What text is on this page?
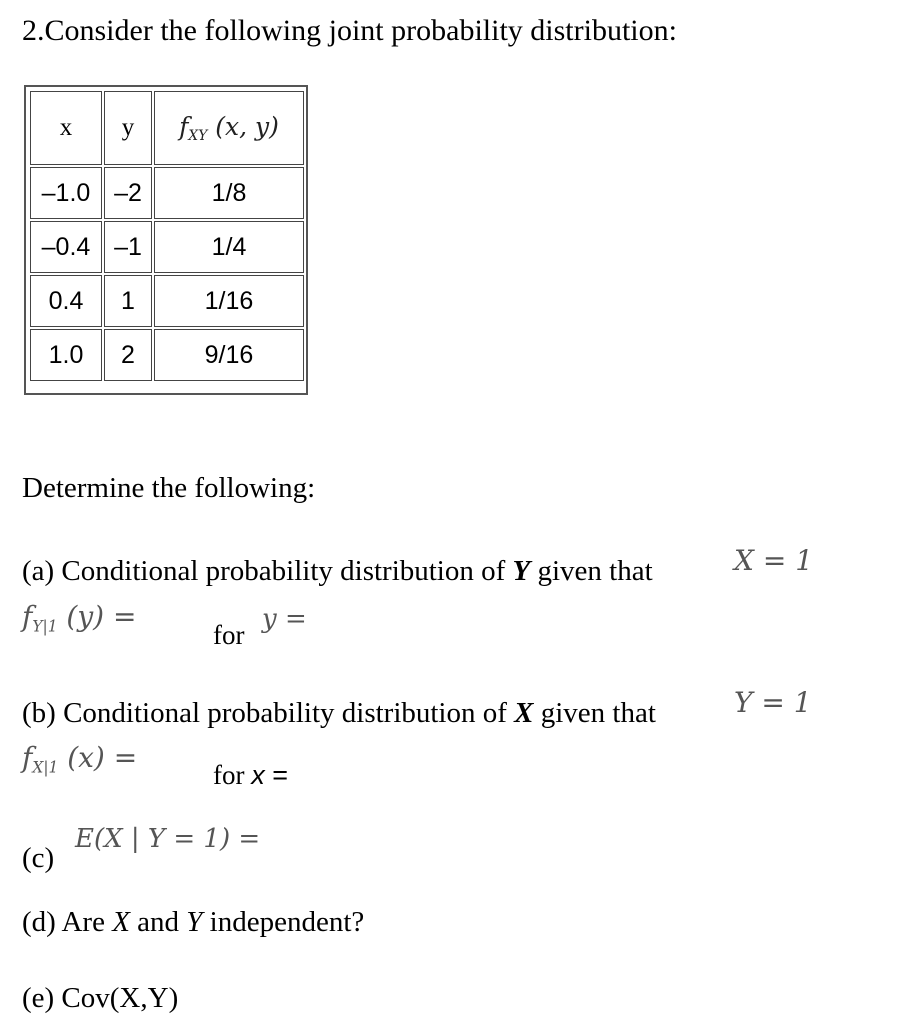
2.Consider the following joint probability distribution:
x	y	$f_{XY}$ (x, y)
–1.0	–2	1/8
–0.4	–1	1/4
0.4	1	1/16
1.0	2	9/16
Determine the following:
(a) Conditional probability distribution of Y given that	X = 1
$f_{Y|1}$ (y) =
for
y =
(b) Conditional probability distribution of X given that	Y = 1
$f_{X|1}$ (x) =
for x =
(c)
E(X | Y = 1) =
(d) Are X and Y independent?
(e) Cov(X,Y)
